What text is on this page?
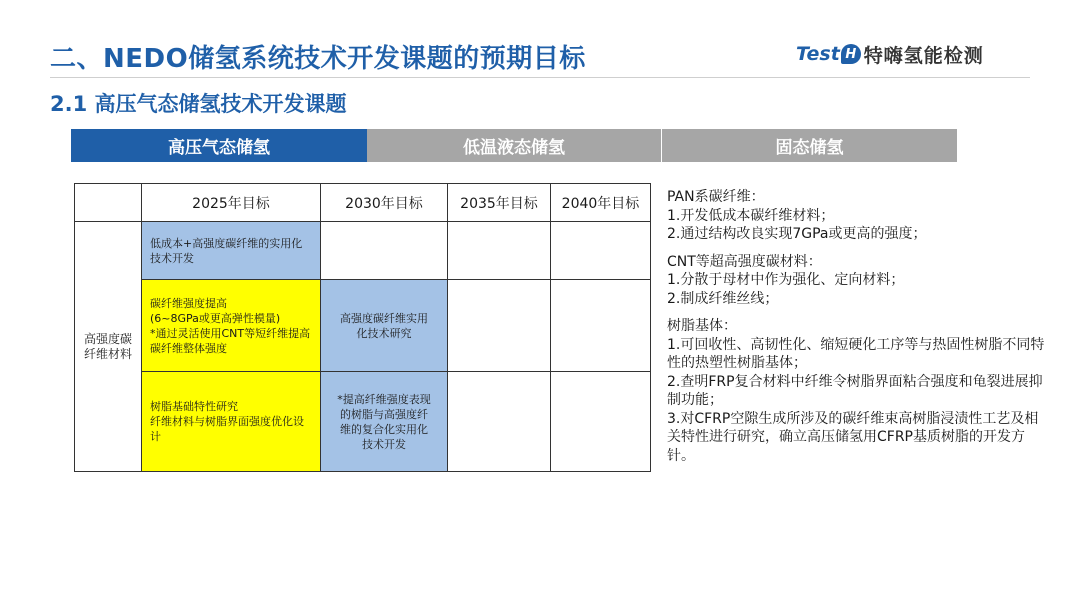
二、NEDO储氢系统技术开发课题的预期目标	Test H 特嗨氢能检测
2.1 高压气态储氢技术开发课题
高压气态储氢	低温液态储氢	固态储氢
	2025年目标	2030年目标	2035年目标	2040年目标
高强度碳
纤维材料	低成本+高强度碳纤维的实用化技术开发			
	碳纤维强度提高
(6~8GPa或更高弹性模量)
*通过灵活使用CNT等短纤维提高碳纤维整体强度	高强度碳纤维实用
化技术研究		
	树脂基础特性研究
纤维材料与树脂界面强度优化设计	*提高纤维强度表现
的树脂与高强度纤
维的复合化实用化
技术开发		
PAN系碳纤维：
1.开发低成本碳纤维材料；
2.通过结构改良实现7GPa或更高的强度；
CNT等超高强度碳材料：
1.分散于母材中作为强化、定向材料；
2.制成纤维丝线；
树脂基体：
1.可回收性、高韧性化、缩短硬化工序等与热固性树脂不同特性的热塑性树脂基体；
2.查明FRP复合材料中纤维令树脂界面粘合强度和龟裂进展抑制功能；
3.对CFRP空隙生成所涉及的碳纤维束高树脂浸渍性工艺及相关特性进行研究，确立高压储氢用CFRP基质树脂的开发方针。
